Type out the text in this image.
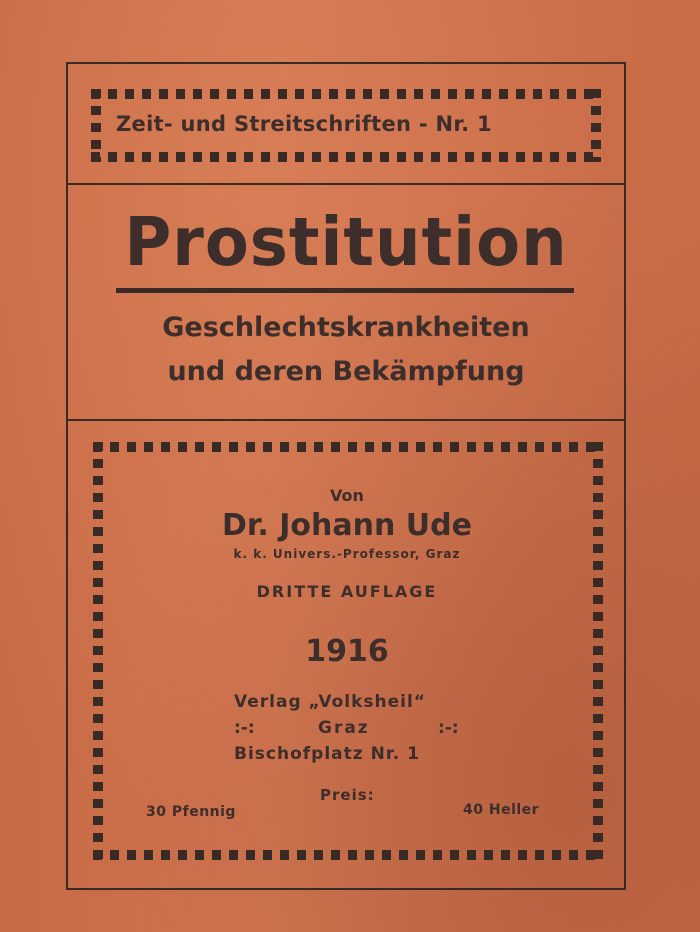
Zeit- und Streitschriften - Nr. 1
Prostitution
Geschlechtskrankheiten
und deren Bekämpfung
Von
Dr. Johann Ude
k. k. Univers.-Professor, Graz
DRITTE AUFLAGE
1916
Verlag „Volksheil“
:-:	Graz	:-:
Bischofplatz Nr. 1
Preis:
30 Pfennig	40 Heller
